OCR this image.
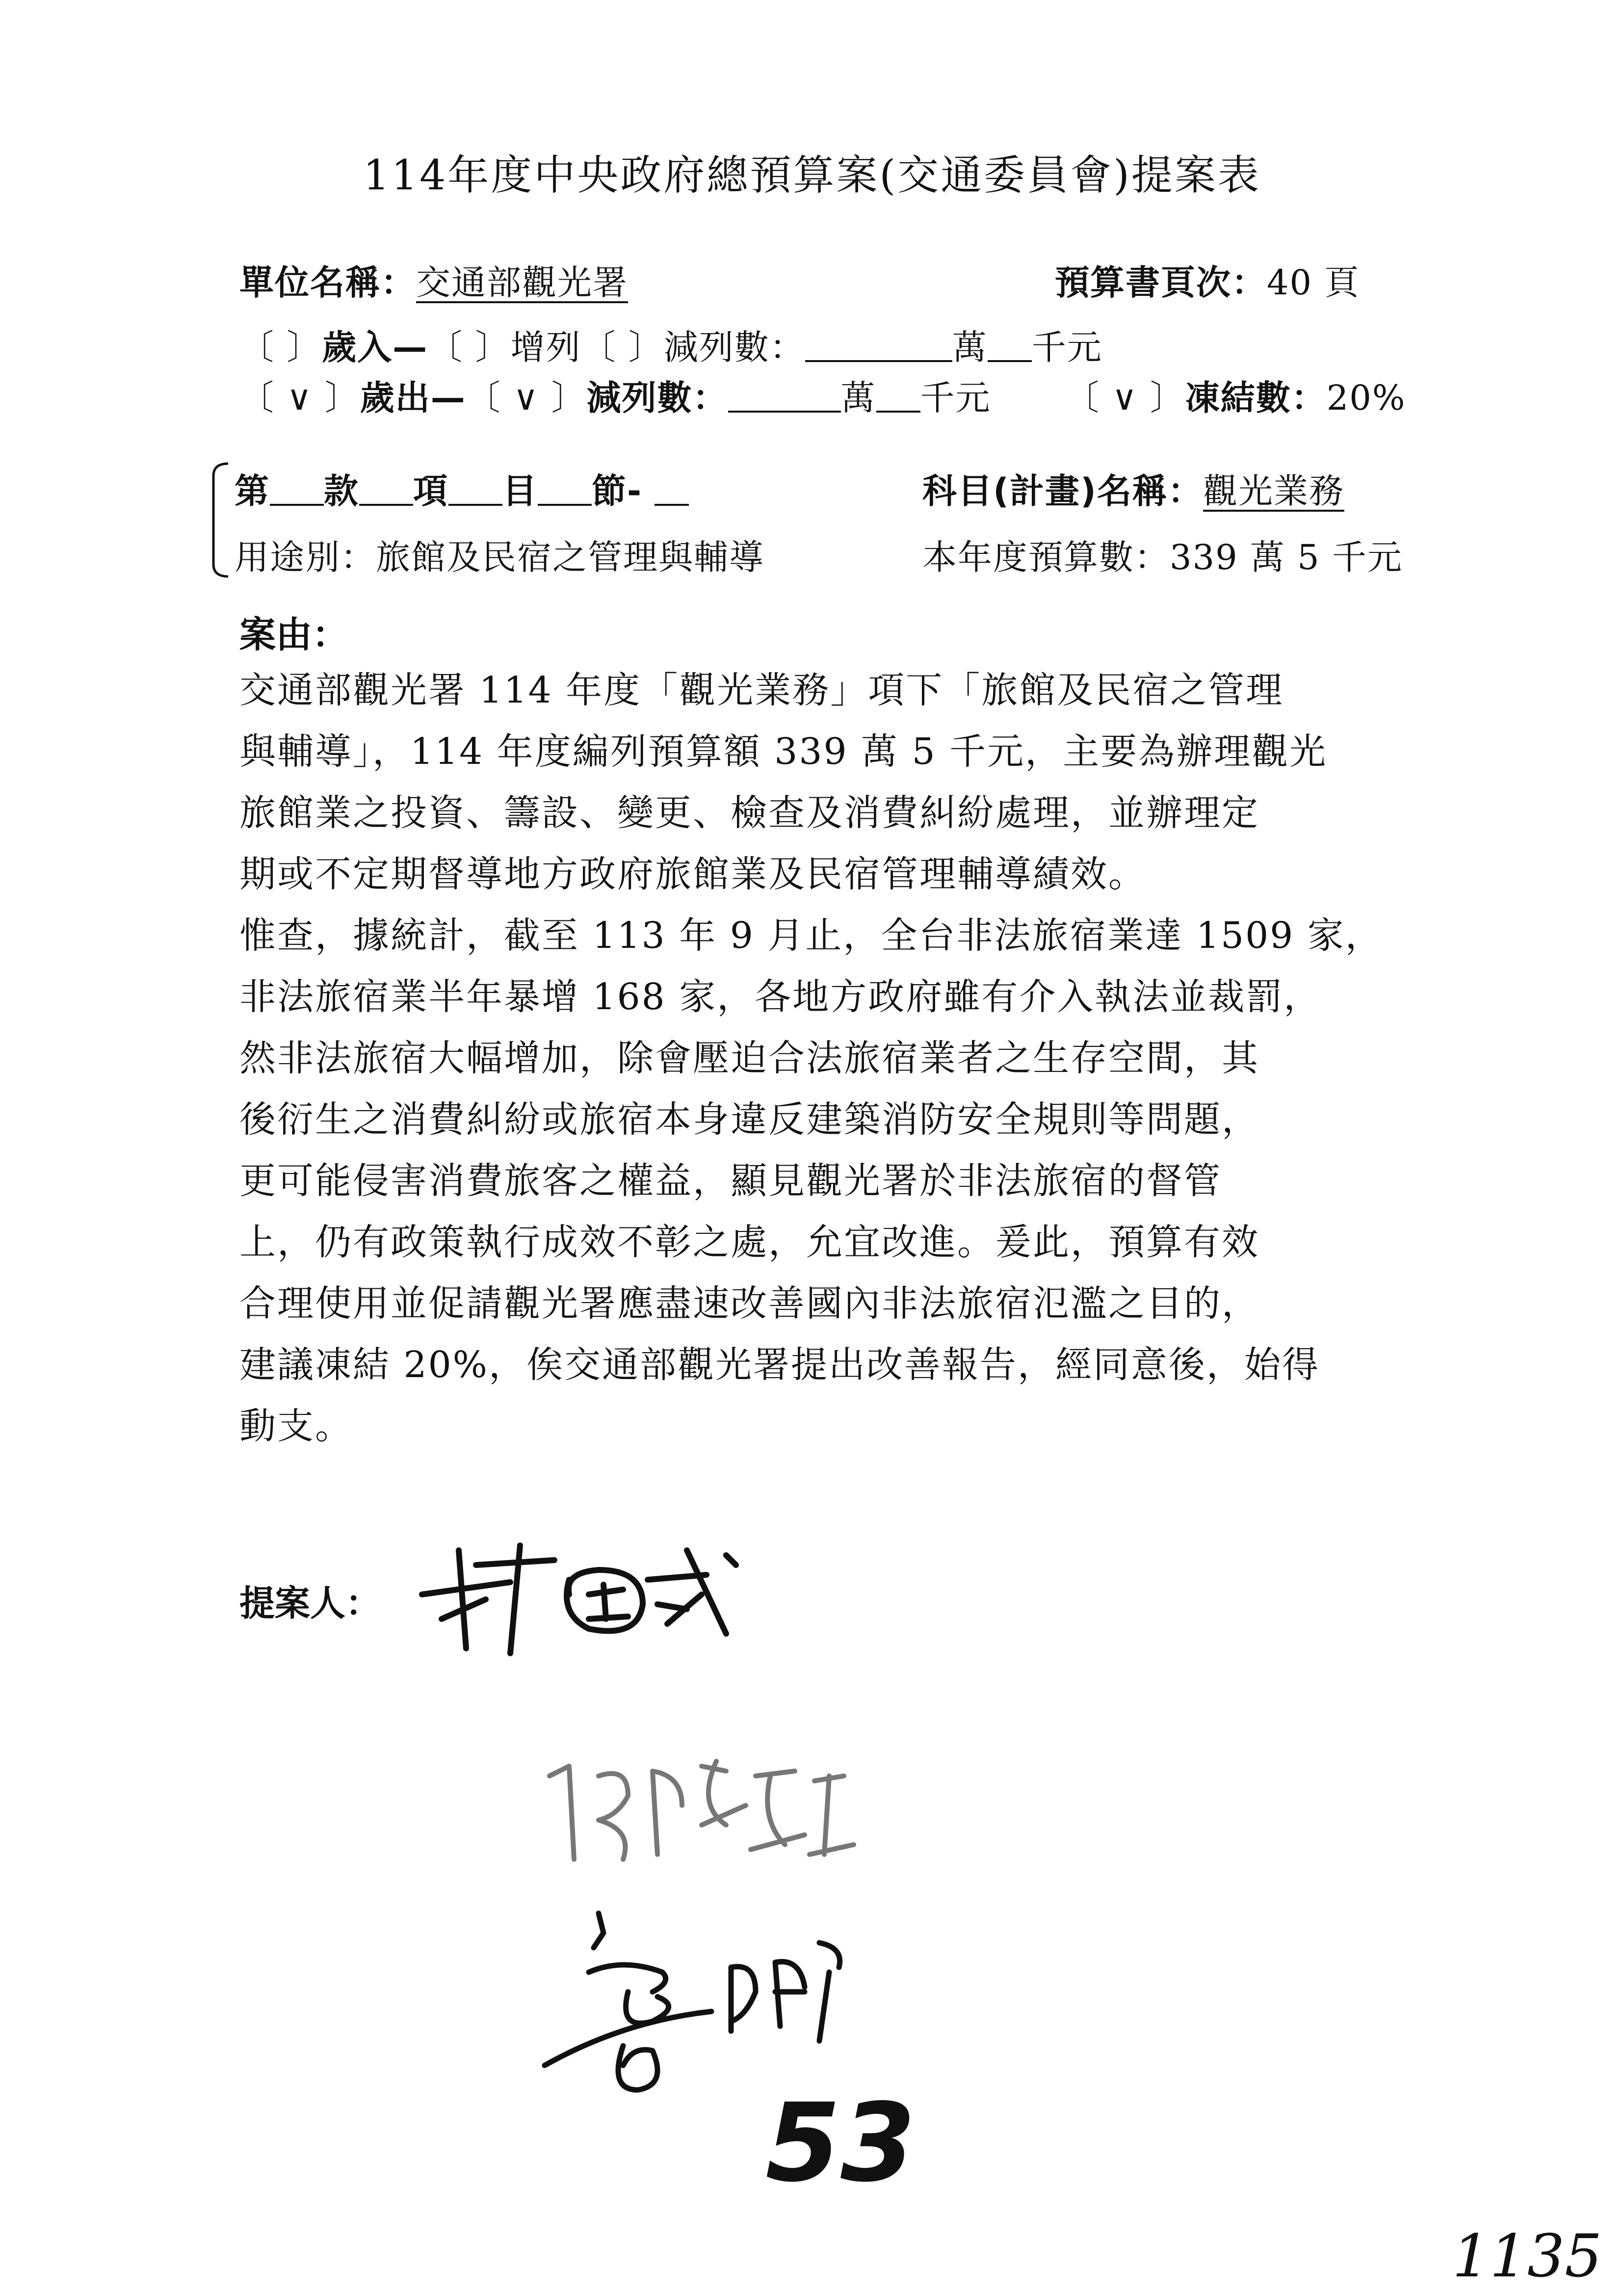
114年度中央政府總預算案(交通委員會)提案表
單位名稱：交通部觀光署	預算書頁次：40 頁
〔 〕歲入—〔 〕增列〔 〕減列數：	萬 千元
〔 ∨ 〕歲出—〔 ∨ 〕減列數：	萬 千元 〔 ∨ 〕凍結數：20%
第 款 項 目 節-	科目(計畫)名稱：觀光業務
用途別：旅館及民宿之管理與輔導	本年度預算數：339 萬 5 千元
案由：
交通部觀光署 114 年度「觀光業務」項下「旅館及民宿之管理
與輔導」，114 年度編列預算額 339 萬 5 千元，主要為辦理觀光
旅館業之投資、籌設、變更、檢查及消費糾紛處理，並辦理定
期或不定期督導地方政府旅館業及民宿管理輔導績效。
惟查，據統計，截至 113 年 9 月止，全台非法旅宿業達 1509 家，
非法旅宿業半年暴增 168 家，各地方政府雖有介入執法並裁罰，
然非法旅宿大幅增加，除會壓迫合法旅宿業者之生存空間，其
後衍生之消費糾紛或旅宿本身違反建築消防安全規則等問題，
更可能侵害消費旅客之權益，顯見觀光署於非法旅宿的督管
上，仍有政策執行成效不彰之處，允宜改進。爰此，預算有效
合理使用並促請觀光署應盡速改善國內非法旅宿氾濫之目的，
建議凍結 20%，俟交通部觀光署提出改善報告，經同意後，始得
動支。
提案人：
53
1135
